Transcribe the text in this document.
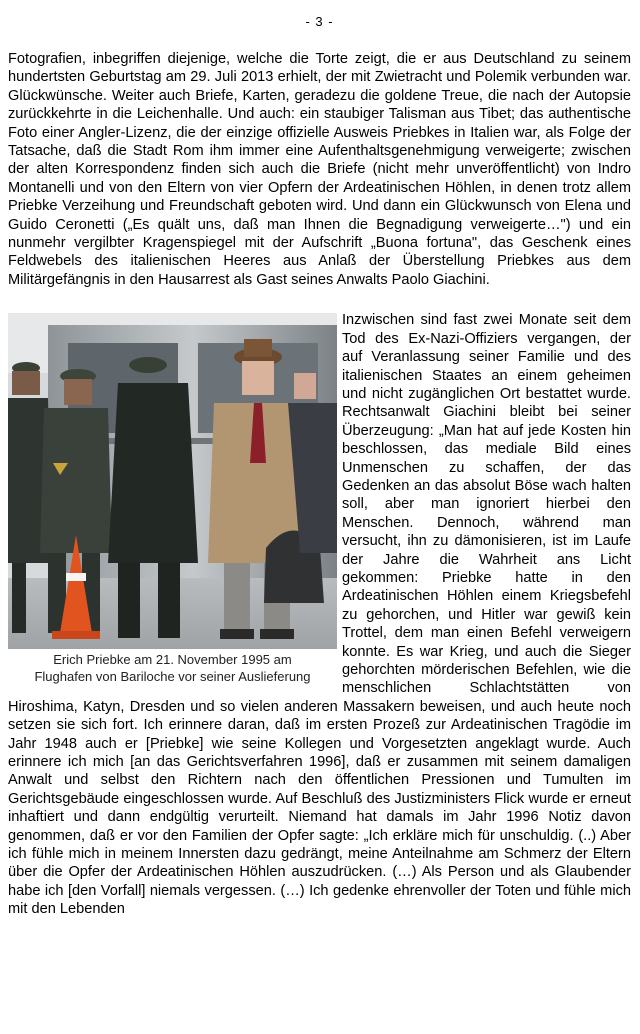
- 3 -

Fotografien, inbegriffen diejenige, welche die Torte zeigt, die er aus Deutschland zu seinem hundertsten Geburtstag am 29. Juli 2013 erhielt, der mit Zwietracht und Polemik verbunden war. Glückwünsche. Weiter auch Briefe, Karten, geradezu die goldene Treue, die nach der Autopsie zurückkehrte in die Leichenhalle. Und auch: ein staubiger Talisman aus Tibet; das authentische Foto einer Angler-Lizenz, die der einzige offizielle Ausweis Priebkes in Italien war, als Folge der Tatsache, daß die Stadt Rom ihm immer eine Aufenthaltsgenehmigung verweigerte; zwischen der alten Korrespondenz finden sich auch die Briefe (nicht mehr unveröffentlicht) von Indro Montanelli und von den Eltern von vier Opfern der Ardeatinischen Höhlen, in denen trotz allem Priebke Verzeihung und Freundschaft geboten wird. Und dann ein Glückwunsch von Elena und Guido Ceronetti („Es quält uns, daß man Ihnen die Begnadigung verweigerte…") und ein nunmehr vergilbter Kragenspiegel mit der Aufschrift „Buona fortuna", das Geschenk eines Feldwebels des italienischen Heeres aus Anlaß der Überstellung Priebkes aus dem Militärgefängnis in den Hausarrest als Gast seines Anwalts Paolo Giachini.

Erich Priebke am 21. November 1995 am
Flughafen von Bariloche vor seiner Auslieferung

Inzwischen sind fast zwei Monate seit dem Tod des Ex-Nazi-Offiziers vergangen, der auf Veranlassung seiner Familie und des italienischen Staates an einem geheimen und nicht zugänglichen Ort bestattet wurde. Rechtsanwalt Giachini bleibt bei seiner Überzeugung: „Man hat auf jede Kosten hin beschlossen, das mediale Bild eines Unmenschen zu schaffen, der das Gedenken an das absolut Böse wach halten soll, aber man ignoriert hierbei den Menschen. Dennoch, während man versucht, ihn zu dämonisieren, ist im Laufe der Jahre die Wahrheit ans Licht gekommen: Priebke hatte in den Ardeatinischen Höhlen einem Kriegsbefehl zu gehorchen, und Hitler war gewiß kein Trottel, dem man einen Befehl verweigern konnte. Es war Krieg, und auch die Sieger gehorchten mörderischen Befehlen, wie die menschlichen Schlachtstätten von Hiroshima, Katyn, Dresden und so vielen anderen Massakern beweisen, und auch heute noch setzen sie sich fort. Ich erinnere daran, daß im ersten Prozeß zur Ardeatinischen Tragödie im Jahr 1948 auch er [Priebke] wie seine Kollegen und Vorgesetzten angeklagt wurde. Auch erinnere ich mich [an das Gerichtsverfahren 1996], daß er zusammen mit seinem damaligen Anwalt und selbst den Richtern nach den öffentlichen Pressionen und Tumulten im Gerichtsgebäude eingeschlossen wurde. Auf Beschluß des Justizministers Flick wurde er erneut inhaftiert und dann endgültig verurteilt. Niemand hat damals im Jahr 1996 Notiz davon genommen, daß er vor den Familien der Opfer sagte: „Ich erkläre mich für unschuldig. (..) Aber ich fühle mich in meinem Innersten dazu gedrängt, meine Anteilnahme am Schmerz der Eltern über die Opfer der Ardeatinischen Höhlen auszudrücken. (…) Als Person und als Glaubender habe ich [den Vorfall] niemals vergessen. (…) Ich gedenke ehrenvoller der Toten und fühle mich mit den Lebenden
